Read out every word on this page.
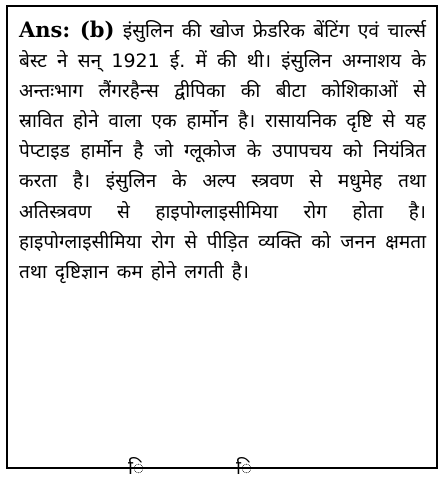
Ans: (b) इंसुलिन की खोज फ्रेडरिक बेंटिंग एवं चार्ल्स बेस्ट ने सन् 1921 ई. में की थी। इंसुलिन अग्नाशय के अन्तःभाग लैंगरहैन्स द्वीपिका की बीटा कोशिकाओं से स्रावित होने वाला एक हार्मोन है। रासायनिक दृष्टि से यह पेप्टाइड हार्मोन है जो ग्लूकोज के उपापचय को नियंत्रित करता है। इंसुलिन के अल्प स्त्रवण से मधुमेह तथा अतिस्त्रवण से हाइपोग्लाइसीमिया रोग होता है। हाइपोग्लाइसीमिया रोग से पीड़ित व्यक्ति को जनन क्षमता तथा दृष्टिज्ञान कम होने लगती है।

ि	ि
